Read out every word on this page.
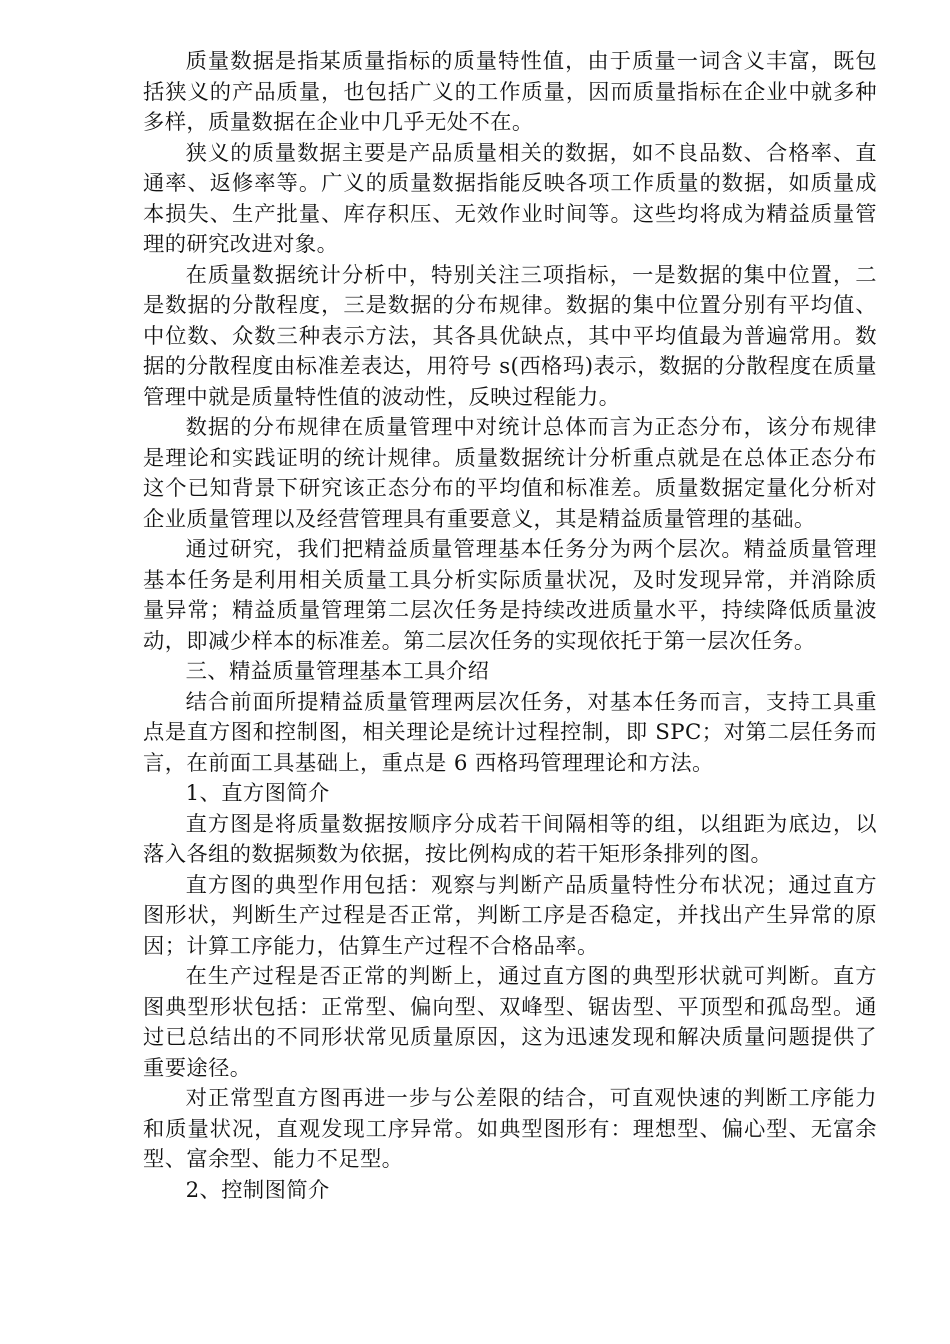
质量数据是指某质量指标的质量特性值，由于质量一词含义丰富，既包括狭义的产品质量，也包括广义的工作质量，因而质量指标在企业中就多种多样，质量数据在企业中几乎无处不在。

狭义的质量数据主要是产品质量相关的数据，如不良品数、合格率、直通率、返修率等。广义的质量数据指能反映各项工作质量的数据，如质量成本损失、生产批量、库存积压、无效作业时间等。这些均将成为精益质量管理的研究改进对象。

在质量数据统计分析中，特别关注三项指标，一是数据的集中位置，二是数据的分散程度，三是数据的分布规律。数据的集中位置分别有平均值、中位数、众数三种表示方法，其各具优缺点，其中平均值最为普遍常用。数据的分散程度由标准差表达，用符号 s(西格玛)表示，数据的分散程度在质量管理中就是质量特性值的波动性，反映过程能力。

数据的分布规律在质量管理中对统计总体而言为正态分布，该分布规律是理论和实践证明的统计规律。质量数据统计分析重点就是在总体正态分布这个已知背景下研究该正态分布的平均值和标准差。质量数据定量化分析对企业质量管理以及经营管理具有重要意义，其是精益质量管理的基础。

通过研究，我们把精益质量管理基本任务分为两个层次。精益质量管理基本任务是利用相关质量工具分析实际质量状况，及时发现异常，并消除质量异常；精益质量管理第二层次任务是持续改进质量水平，持续降低质量波动，即减少样本的标准差。第二层次任务的实现依托于第一层次任务。

三、精益质量管理基本工具介绍

结合前面所提精益质量管理两层次任务，对基本任务而言，支持工具重点是直方图和控制图，相关理论是统计过程控制，即 SPC；对第二层任务而言，在前面工具基础上，重点是 6 西格玛管理理论和方法。

1、直方图简介

直方图是将质量数据按顺序分成若干间隔相等的组，以组距为底边，以落入各组的数据频数为依据，按比例构成的若干矩形条排列的图。

直方图的典型作用包括：观察与判断产品质量特性分布状况；通过直方图形状，判断生产过程是否正常，判断工序是否稳定，并找出产生异常的原因；计算工序能力，估算生产过程不合格品率。

在生产过程是否正常的判断上，通过直方图的典型形状就可判断。直方图典型形状包括：正常型、偏向型、双峰型、锯齿型、平顶型和孤岛型。通过已总结出的不同形状常见质量原因，这为迅速发现和解决质量问题提供了重要途径。

对正常型直方图再进一步与公差限的结合，可直观快速的判断工序能力和质量状况，直观发现工序异常。如典型图形有：理想型、偏心型、无富余型、富余型、能力不足型。

2、控制图简介
